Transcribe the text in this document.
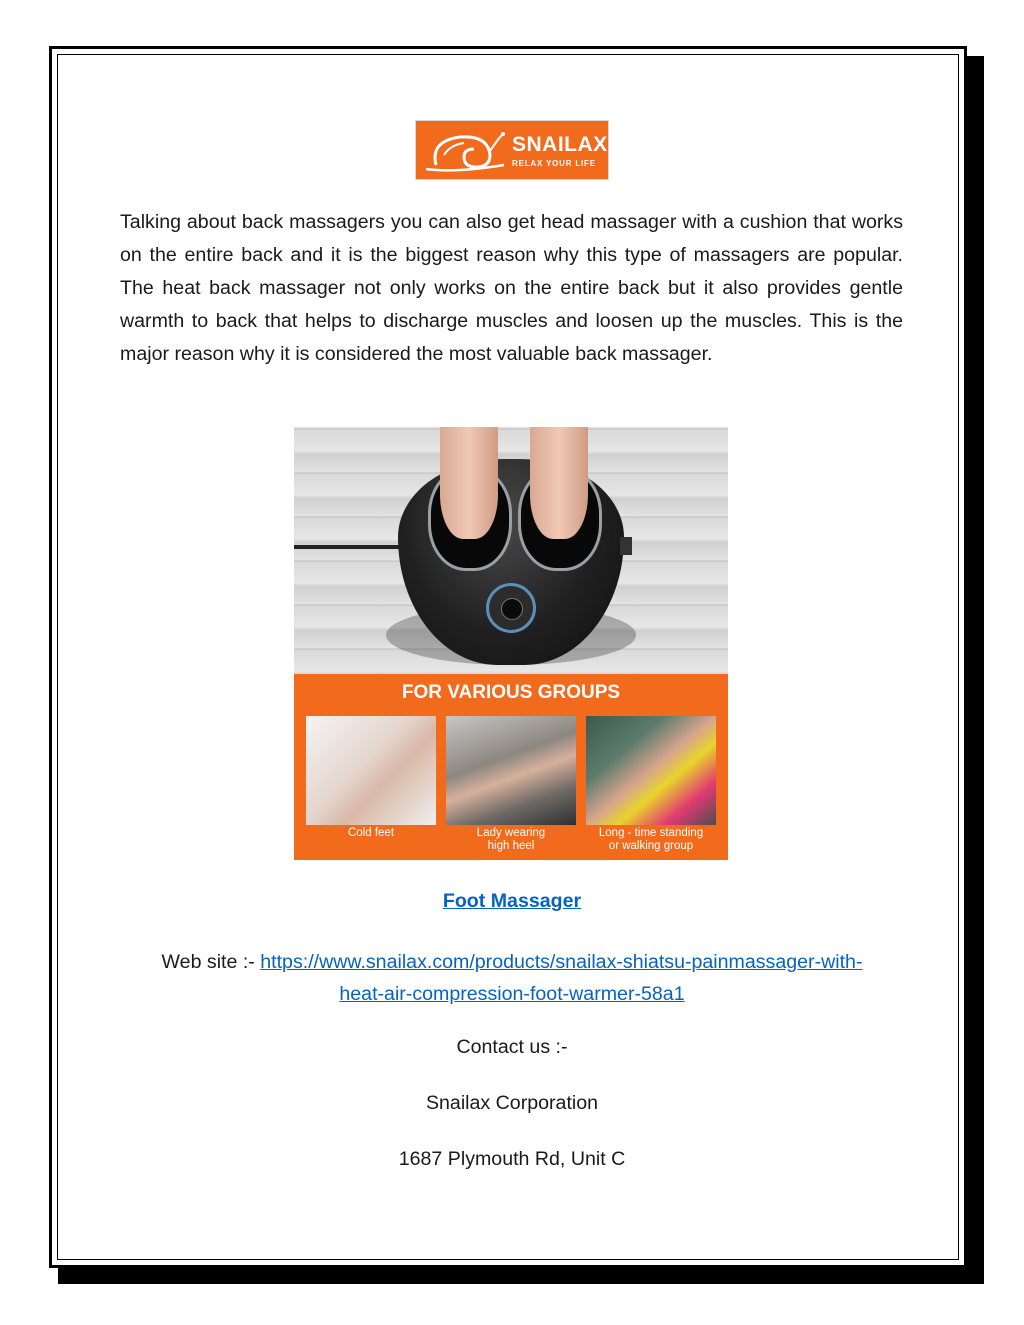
SNAILAX
RELAX YOUR LIFE

Talking about back massagers you can also get head massager with a cushion that works on the entire back and it is the biggest reason why this type of massagers are popular. The heat back massager not only works on the entire back but it also provides gentle warmth to back that helps to discharge muscles and loosen up the muscles. This is the major reason why it is considered the most valuable back massager.

FOR VARIOUS GROUPS
Cold feet	Lady wearing
high heel
Long - time standing
or walking group
Foot Massager
Web site :- https://www.snailax.com/products/snailax-shiatsu-painmassager-with-heat-air-compression-foot-warmer-58a1
Contact us :-
Snailax Corporation
1687 Plymouth Rd, Unit C
